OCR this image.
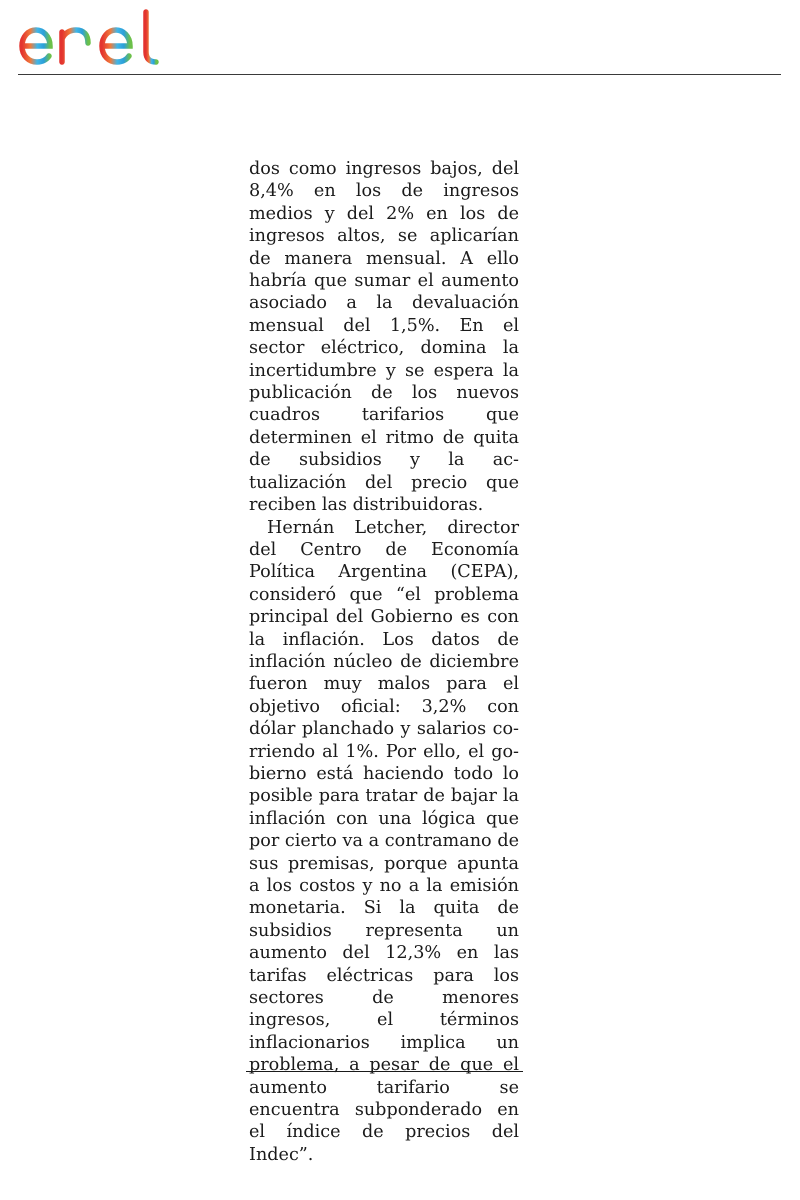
dos como ingresos bajos, del 8,4% en los de ingresos medios y del 2% en los de ingresos altos, se aplicarían de manera mensual. A ello habría que sumar el aumento asociado a la devaluación mensual del 1,5%. En el sector eléctrico, domina la incertidumbre y se espera la publicación de los nuevos cuadros tarifarios que determinen el ritmo de quita de subsidios y la actualización del precio que reciben las distribuidoras.

Hernán Letcher, director del Centro de Economía Política Argentina (CEPA), consideró que “el problema principal del Gobierno es con la inflación. Los datos de inflación núcleo de diciembre fueron muy malos para el objetivo oficial: 3,2% con dólar planchado y salarios corriendo al 1%. Por ello, el gobierno está haciendo todo lo posible para tratar de bajar la inflación con una lógica que por cierto va a contramano de sus premisas, porque apunta a los costos y no a la emisión monetaria. Si la quita de subsidios representa un aumento del 12,3% en las tarifas eléctricas para los sectores de menores ingresos, el términos inflacionarios implica un problema, a pesar de que el aumento tarifario se encuentra subponderado en el índice de precios del Indec”.
